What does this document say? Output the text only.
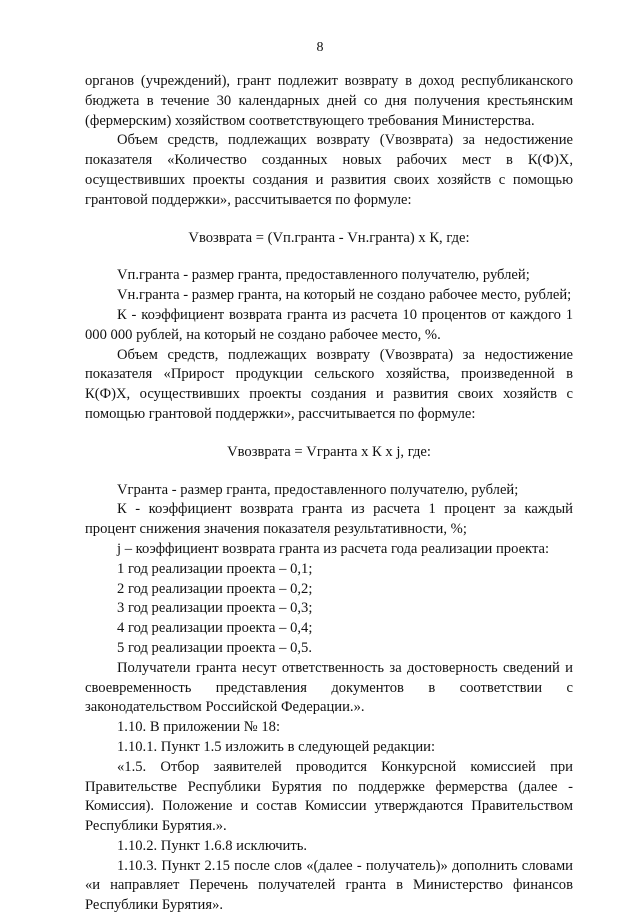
8

органов (учреждений), грант подлежит возврату в доход республиканского бюджета в течение 30 календарных дней со дня получения крестьянским (фермерским) хозяйством соответствующего требования Министерства.

Объем средств, подлежащих возврату (Vвозврата) за недостижение показателя «Количество созданных новых рабочих мест в К(Ф)Х, осуществивших проекты создания и развития своих хозяйств с помощью грантовой поддержки», рассчитывается по формуле:

Vвозврата = (Vп.гранта - Vн.гранта) х К, где:

Vп.гранта - размер гранта, предоставленного получателю, рублей;

Vн.гранта - размер гранта, на который не создано рабочее место, рублей;

К - коэффициент возврата гранта из расчета 10 процентов от каждого 1 000 000 рублей, на который не создано рабочее место, %.

Объем средств, подлежащих возврату (Vвозврата) за недостижение показателя «Прирост продукции сельского хозяйства, произведенной в К(Ф)Х, осуществивших проекты создания и развития своих хозяйств с помощью грантовой поддержки», рассчитывается по формуле:

Vвозврата = Vгранта х К х j, где:

Vгранта - размер гранта, предоставленного получателю, рублей;

К - коэффициент возврата гранта из расчета 1 процент за каждый процент снижения значения показателя результативности, %;

j – коэффициент возврата гранта из расчета года реализации проекта:

1 год реализации проекта – 0,1;

2 год реализации проекта – 0,2;

3 год реализации проекта – 0,3;

4 год реализации проекта – 0,4;

5 год реализации проекта – 0,5.

Получатели гранта несут ответственность за достоверность сведений и своевременность представления документов в соответствии с законодательством Российской Федерации.».

1.10. В приложении № 18:

1.10.1. Пункт 1.5 изложить в следующей редакции:

«1.5. Отбор заявителей проводится Конкурсной комиссией при Правительстве Республики Бурятия по поддержке фермерства (далее - Комиссия). Положение и состав Комиссии утверждаются Правительством Республики Бурятия.».

1.10.2. Пункт 1.6.8 исключить.

1.10.3. Пункт 2.15 после слов «(далее - получатель)» дополнить словами «и направляет Перечень получателей гранта в Министерство финансов Республики Бурятия».
